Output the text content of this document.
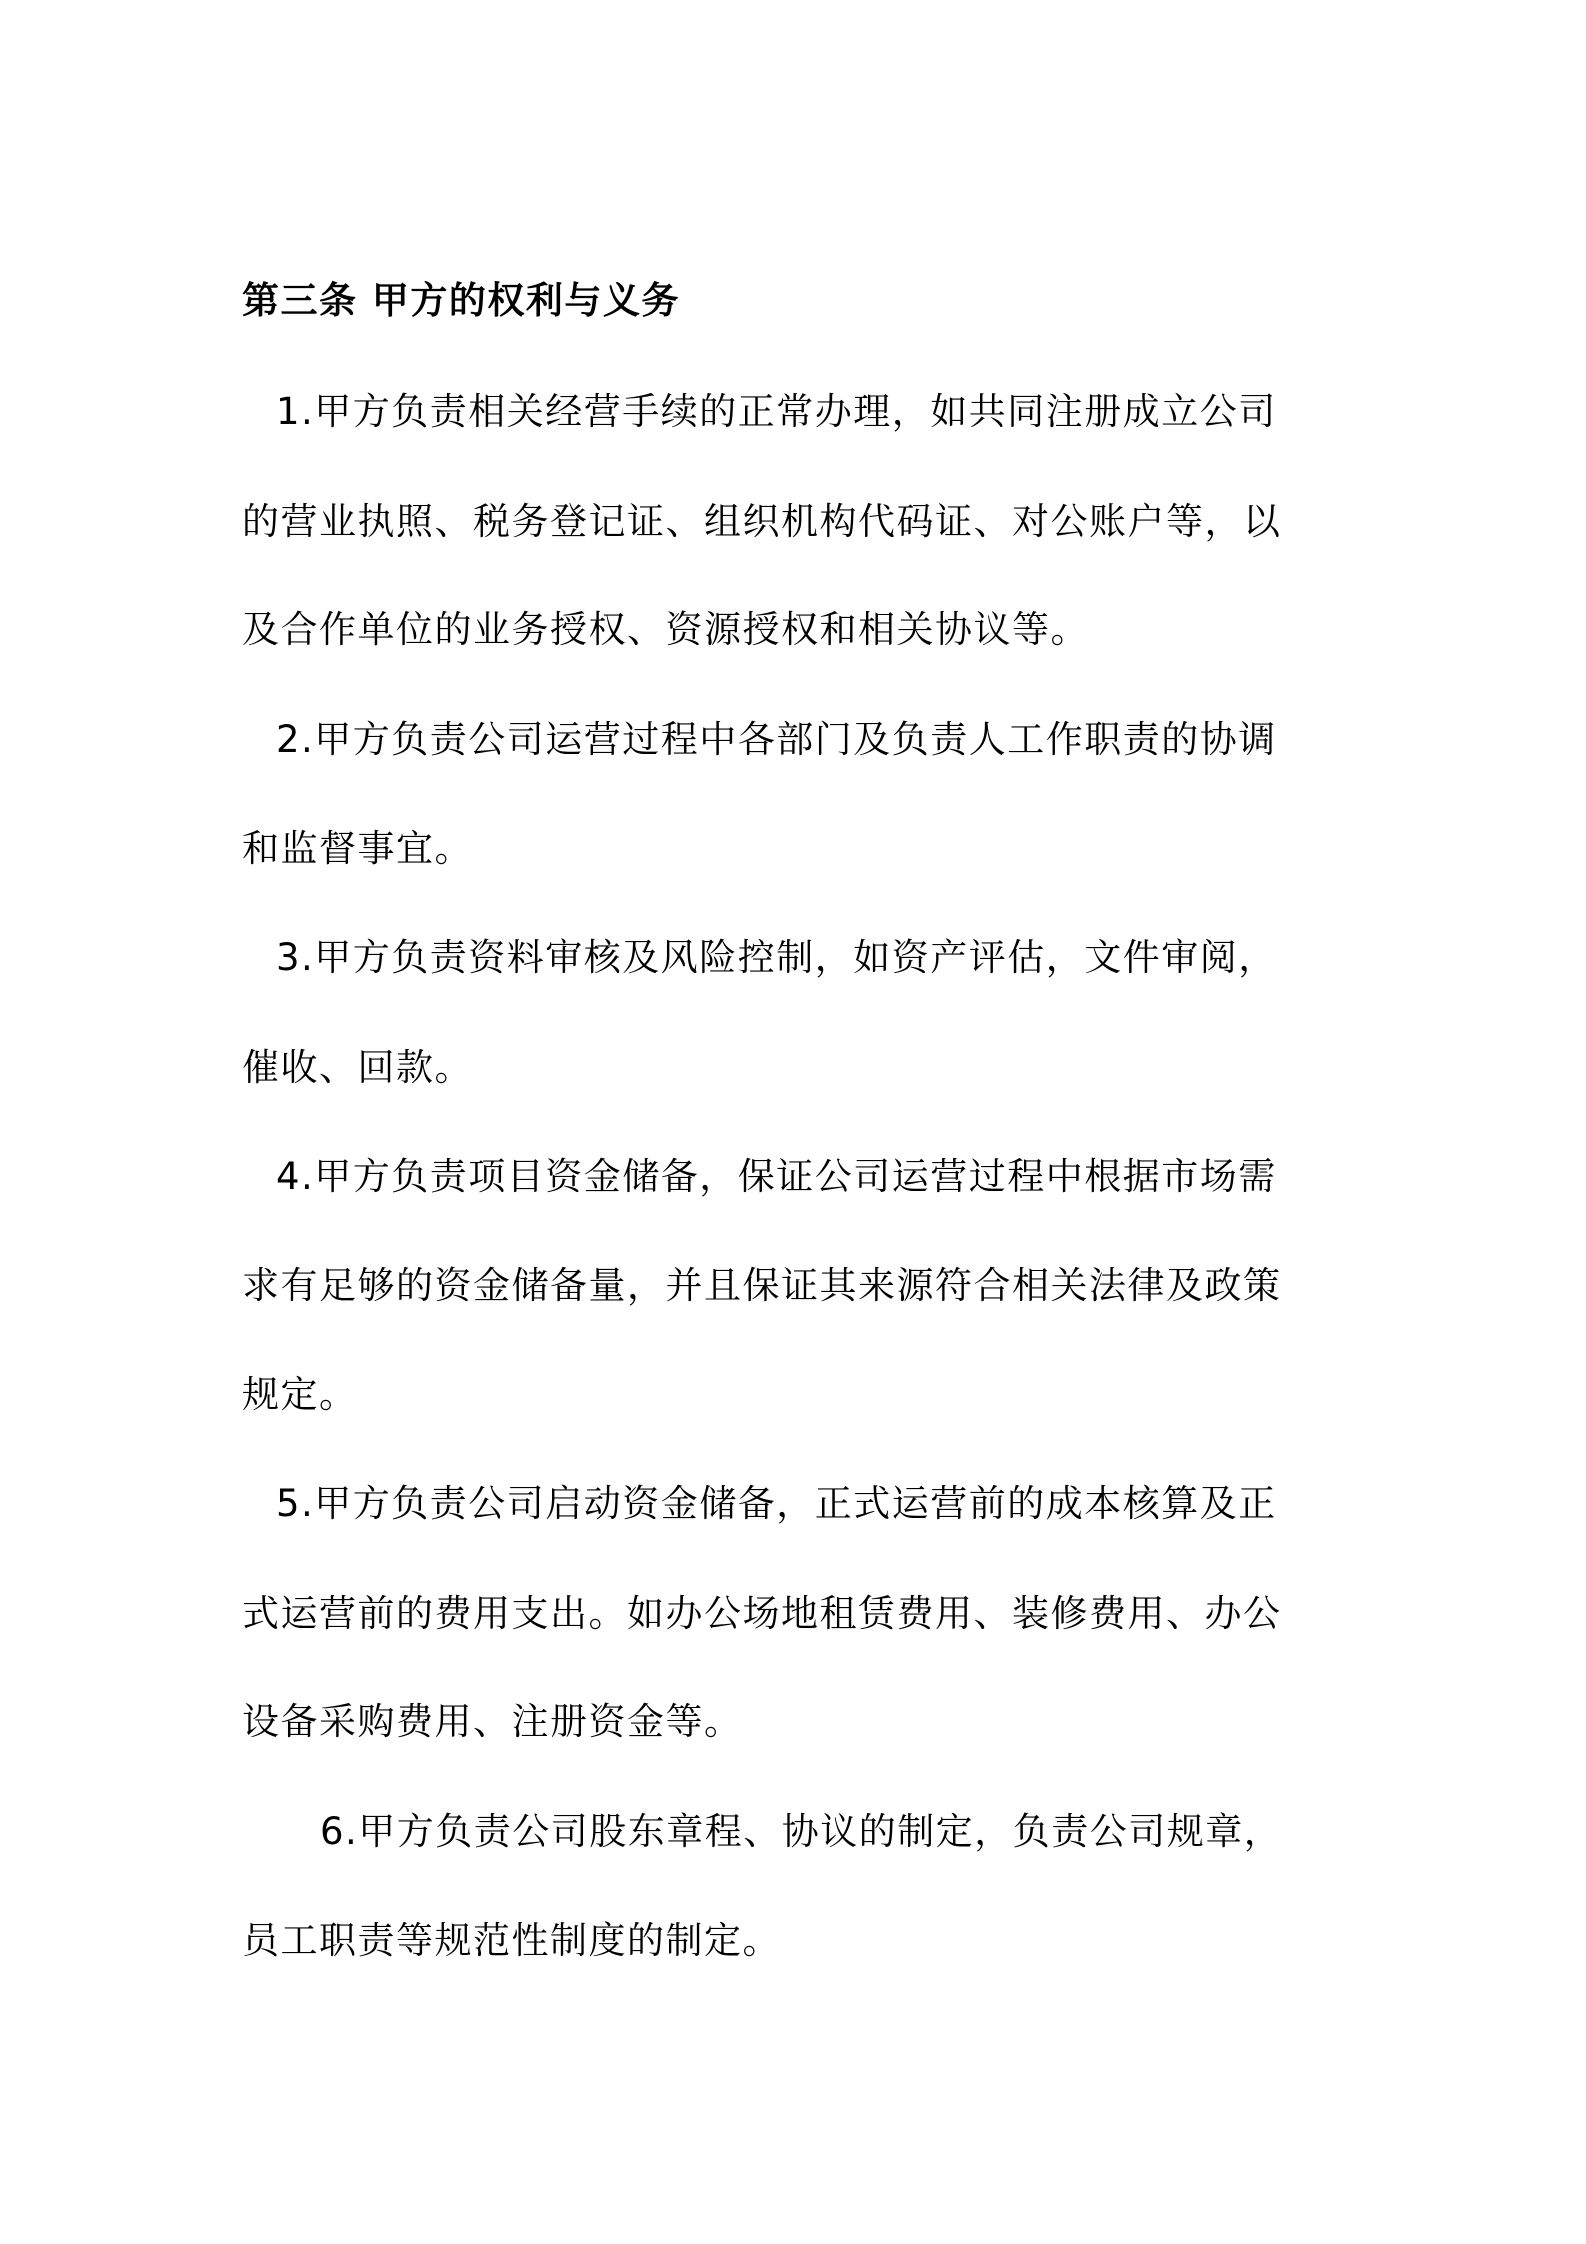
第三条 甲方的权利与义务
1.甲方负责相关经营手续的正常办理，如共同注册成立公司
的营业执照、税务登记证、组织机构代码证、对公账户等，以
及合作单位的业务授权、资源授权和相关协议等。
2.甲方负责公司运营过程中各部门及负责人工作职责的协调
和监督事宜。
3.甲方负责资料审核及风险控制，如资产评估，文件审阅，
催收、回款。
4.甲方负责项目资金储备，保证公司运营过程中根据市场需
求有足够的资金储备量，并且保证其来源符合相关法律及政策
规定。
5.甲方负责公司启动资金储备，正式运营前的成本核算及正
式运营前的费用支出。如办公场地租赁费用、装修费用、办公
设备采购费用、注册资金等。
6.甲方负责公司股东章程、协议的制定，负责公司规章，
员工职责等规范性制度的制定。
